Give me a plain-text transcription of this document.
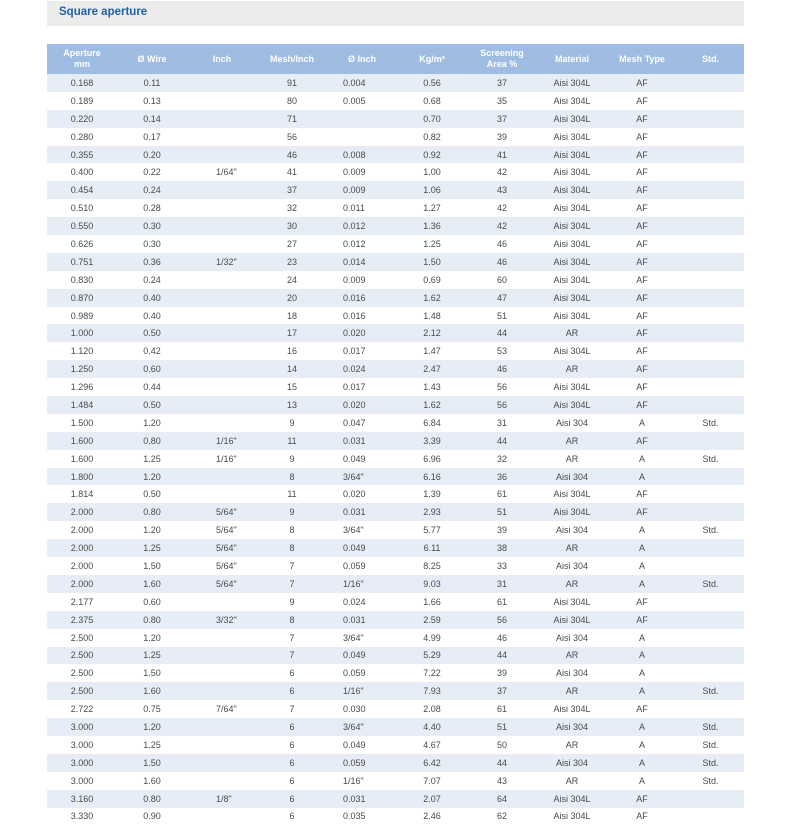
Square aperture
Aperture
mm	Ø Wire	Inch	Mesh/Inch	Ø Inch	Kg/m²	Screening
Area %	Material	Mesh Type	Std.
0.168	0.11		91	0.004	0.56	37	Aisi 304L	AF	
0.189	0.13		80	0.005	0.68	35	Aisi 304L	AF	
0.220	0.14		71		0.70	37	Aisi 304L	AF	
0.280	0.17		56		0.82	39	Aisi 304L	AF	
0.355	0.20		46	0.008	0.92	41	Aisi 304L	AF	
0.400	0.22	1/64"	41	0.009	1.00	42	Aisi 304L	AF	
0.454	0.24		37	0.009	1.06	43	Aisi 304L	AF	
0.510	0.28		32	0.011	1.27	42	Aisi 304L	AF	
0.550	0.30		30	0.012	1.36	42	Aisi 304L	AF	
0.626	0.30		27	0.012	1.25	46	Aisi 304L	AF	
0.751	0.36	1/32"	23	0.014	1.50	46	Aisi 304L	AF	
0.830	0.24		24	0.009	0.69	60	Aisi 304L	AF	
0.870	0.40		20	0.016	1.62	47	Aisi 304L	AF	
0.989	0.40		18	0.016	1.48	51	Aisi 304L	AF	
1.000	0.50		17	0.020	2.12	44	AR	AF	
1.120	0.42		16	0.017	1.47	53	Aisi 304L	AF	
1.250	0.60		14	0.024	2.47	46	AR	AF	
1.296	0.44		15	0.017	1.43	56	Aisi 304L	AF	
1.484	0.50		13	0.020	1.62	56	Aisi 304L	AF	
1.500	1.20		9	0.047	6.84	31	Aisi 304	A	Std.
1.600	0.80	1/16"	11	0.031	3.39	44	AR	AF	
1.600	1.25	1/16"	9	0.049	6.96	32	AR	A	Std.
1.800	1.20		8	3/64"	6.16	36	Aisi 304	A	
1.814	0.50		11	0.020	1.39	61	Aisi 304L	AF	
2.000	0.80	5/64"	9	0.031	2.93	51	Aisi 304L	AF	
2.000	1.20	5/64"	8	3/64"	5.77	39	Aisi 304	A	Std.
2.000	1.25	5/64"	8	0.049	6.11	38	AR	A	
2.000	1.50	5/64"	7	0.059	8.25	33	Aisi 304	A	
2.000	1.60	5/64"	7	1/16"	9.03	31	AR	A	Std.
2.177	0.60		9	0.024	1.66	61	Aisi 304L	AF	
2.375	0.80	3/32"	8	0.031	2.59	56	Aisi 304L	AF	
2.500	1.20		7	3/64"	4.99	46	Aisi 304	A	
2.500	1.25		7	0.049	5.29	44	AR	A	
2.500	1.50		6	0.059	7.22	39	Aisi 304	A	
2.500	1.60		6	1/16"	7.93	37	AR	A	Std.
2.722	0.75	7/64"	7	0.030	2.08	61	Aisi 304L	AF	
3.000	1.20		6	3/64"	4.40	51	Aisi 304	A	Std.
3.000	1.25		6	0.049	4.67	50	AR	A	Std.
3.000	1.50		6	0.059	6.42	44	Aisi 304	A	Std.
3.000	1.60		6	1/16"	7.07	43	AR	A	Std.
3.160	0.80	1/8"	6	0.031	2.07	64	Aisi 304L	AF	
3.330	0.90		6	0.035	2.46	62	Aisi 304L	AF	
